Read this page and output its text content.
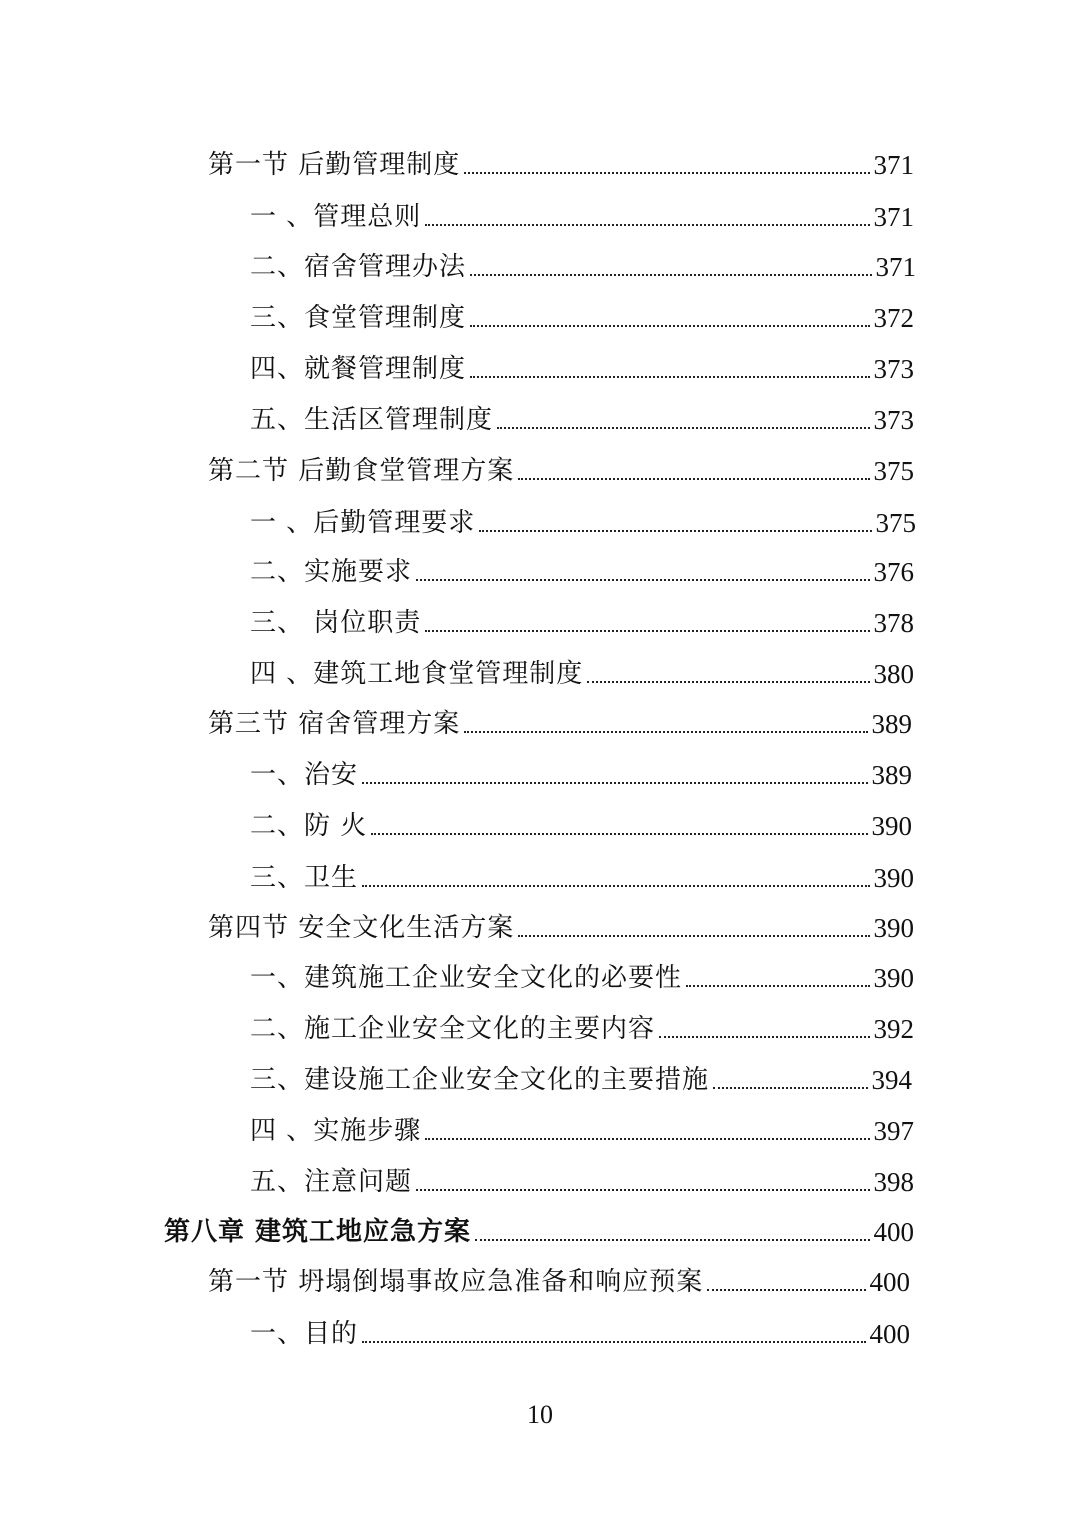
第一节 后勤管理制度	371
一 、管理总则	371
二、宿舍管理办法	371
三、食堂管理制度	372
四、就餐管理制度	373
五、生活区管理制度	373
第二节 后勤食堂管理方案	375
一 、后勤管理要求	375
二、实施要求	376
三、 岗位职责	378
四 、建筑工地食堂管理制度	380
第三节 宿舍管理方案	389
一、治安	389
二、防 火	390
三、卫生	390
第四节 安全文化生活方案	390
一、建筑施工企业安全文化的必要性	390
二、施工企业安全文化的主要内容	392
三、建设施工企业安全文化的主要措施	394
四 、实施步骤	397
五、注意问题	398
第八章 建筑工地应急方案	400
第一节 坍塌倒塌事故应急准备和响应预案	400
一、目的	400
10
